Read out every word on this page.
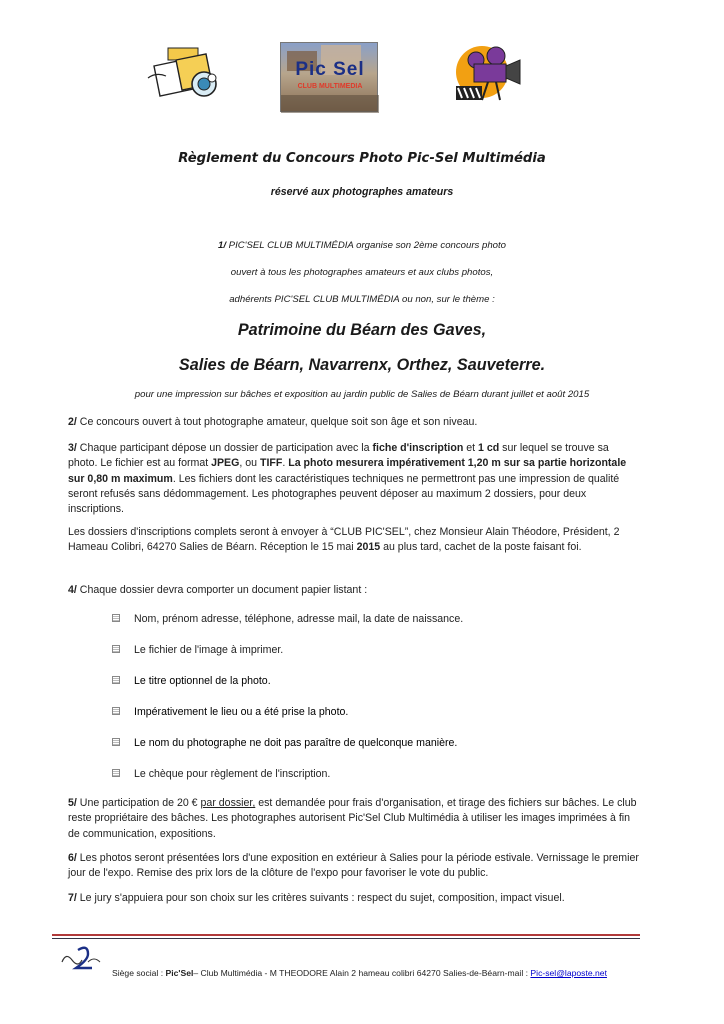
Pic Sel
CLUB MULTIMEDIA
Règlement du Concours Photo Pic-Sel Multimédia
réservé aux photographes amateurs
1/ PIC'SEL CLUB MULTIMÉDIA organise son 2ème concours photo
ouvert à tous les photographes amateurs et aux clubs photos,
adhérents PIC'SEL CLUB MULTIMÉDIA ou non, sur le thème :
Patrimoine du Béarn des Gaves,
Salies de Béarn, Navarrenx, Orthez, Sauveterre.
pour une impression sur bâches et exposition au jardin public de Salies de Béarn durant juillet et août 2015
2/ Ce concours ouvert à tout photographe amateur, quelque soit son âge et son niveau.
3/ Chaque participant dépose un dossier de participation avec la fiche d'inscription et 1 cd sur lequel se trouve sa photo. Le fichier est au format JPEG, ou TIFF. La photo mesurera impérativement 1,20 m sur sa partie horizontale sur 0,80 m maximum. Les fichiers dont les caractéristiques techniques ne permettront pas une impression de qualité seront refusés sans dédommagement. Les photographes peuvent déposer au maximum 2 dossiers, pour deux inscriptions.
Les dossiers d'inscriptions complets seront à envoyer à “CLUB PIC'SEL”, chez Monsieur Alain Théodore, Président, 2 Hameau Colibri, 64270 Salies de Béarn. Réception le 15 mai 2015 au plus tard, cachet de la poste faisant foi.
4/ Chaque dossier devra comporter un document papier listant :
Nom, prénom adresse, téléphone, adresse mail, la date de naissance.
Le fichier de l'image à imprimer.
Le titre optionnel de la photo.
Impérativement le lieu ou a été prise la photo.
Le nom du photographe ne doit pas paraître de quelconque manière.
Le chèque pour règlement de l'inscription.
5/ Une participation de 20 € par dossier, est demandée pour frais d'organisation, et tirage des fichiers sur bâches. Le club reste propriétaire des bâches. Les photographes autorisent Pic'Sel Club Multimédia à utiliser les images imprimées à fin de communication, expositions.
6/ Les photos seront présentées lors d'une exposition en extérieur à Salies pour la période estivale. Vernissage le premier jour de l'expo. Remise des prix lors de la clôture de l'expo pour favoriser le vote du public.
7/ Le jury s'appuiera pour son choix sur les critères suivants : respect du sujet, composition, impact visuel.
Siège social : Pic'Sel– Club Multimédia - M THEODORE Alain 2 hameau colibri 64270 Salies-de-Béarn-mail : Pic-sel@laposte.net
